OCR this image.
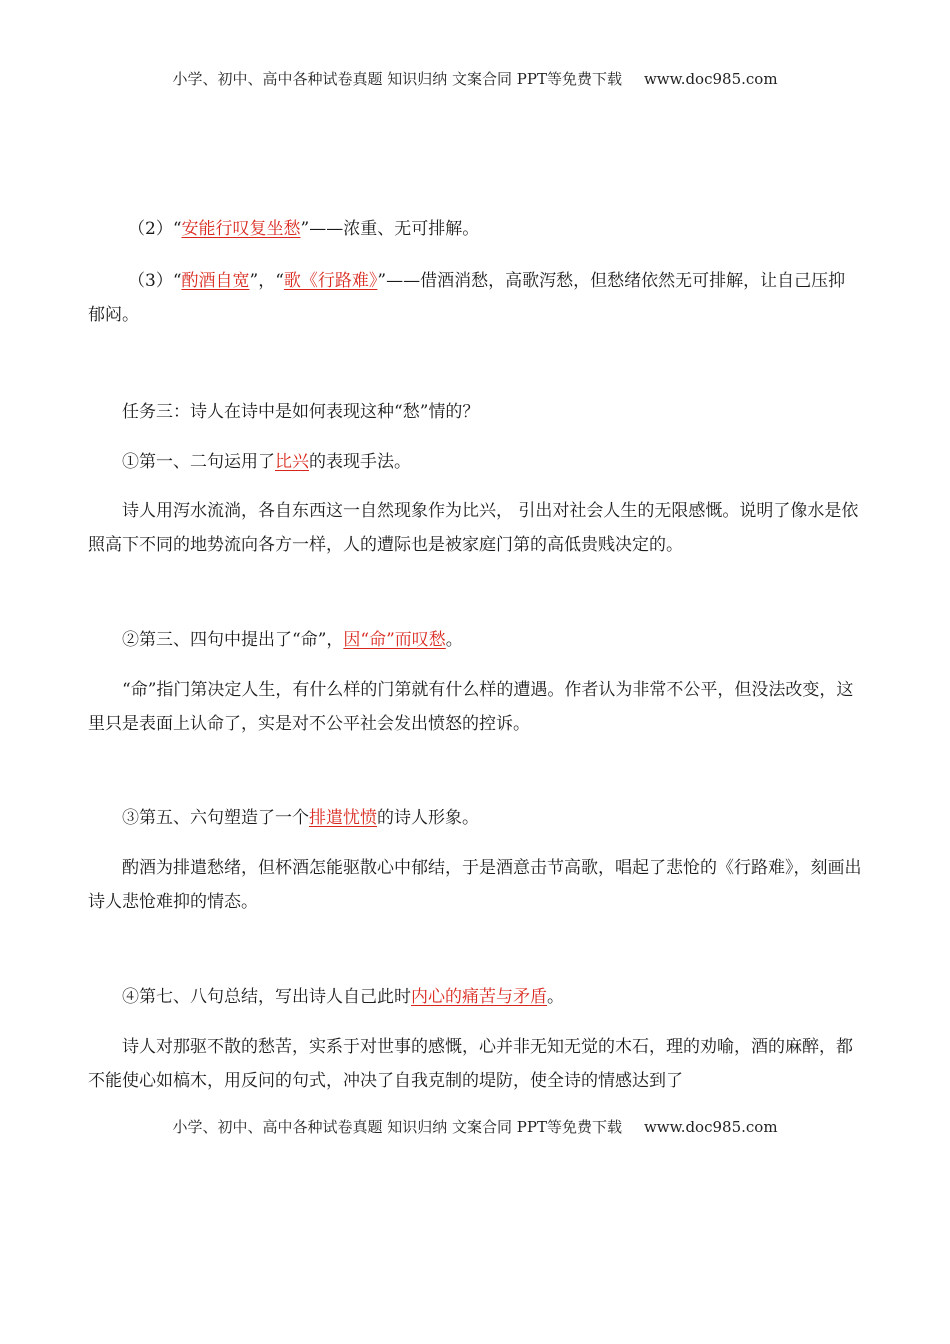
小学、初中、高中各种试卷真题 知识归纳 文案合同 PPT等免费下载 www.doc985.com

（2）“安能行叹复坐愁”——浓重、无可排解。

（3）“酌酒自宽”，“歌《行路难》”——借酒消愁，高歌泻愁，但愁绪依然无可排解，让自己压抑郁闷。

任务三：诗人在诗中是如何表现这种“愁”情的？

①第一、二句运用了比兴的表现手法。

诗人用泻水流淌，各自东西这一自然现象作为比兴， 引出对社会人生的无限感慨。说明了像水是依照高下不同的地势流向各方一样，人的遭际也是被家庭门第的高低贵贱决定的。

②第三、四句中提出了“命”，因“命”而叹愁。

“命”指门第决定人生，有什么样的门第就有什么样的遭遇。作者认为非常不公平，但没法改变，这里只是表面上认命了，实是对不公平社会发出愤怒的控诉。

③第五、六句塑造了一个排遣忧愤的诗人形象。

酌酒为排遣愁绪，但杯酒怎能驱散心中郁结，于是酒意击节高歌，唱起了悲怆的《行路难》，刻画出诗人悲怆难抑的情态。

④第七、八句总结，写出诗人自己此时内心的痛苦与矛盾。

诗人对那驱不散的愁苦，实系于对世事的感慨，心并非无知无觉的木石，理的劝喻，酒的麻醉，都不能使心如槁木，用反问的句式，冲决了自我克制的堤防，使全诗的情感达到了

小学、初中、高中各种试卷真题 知识归纳 文案合同 PPT等免费下载 www.doc985.com
